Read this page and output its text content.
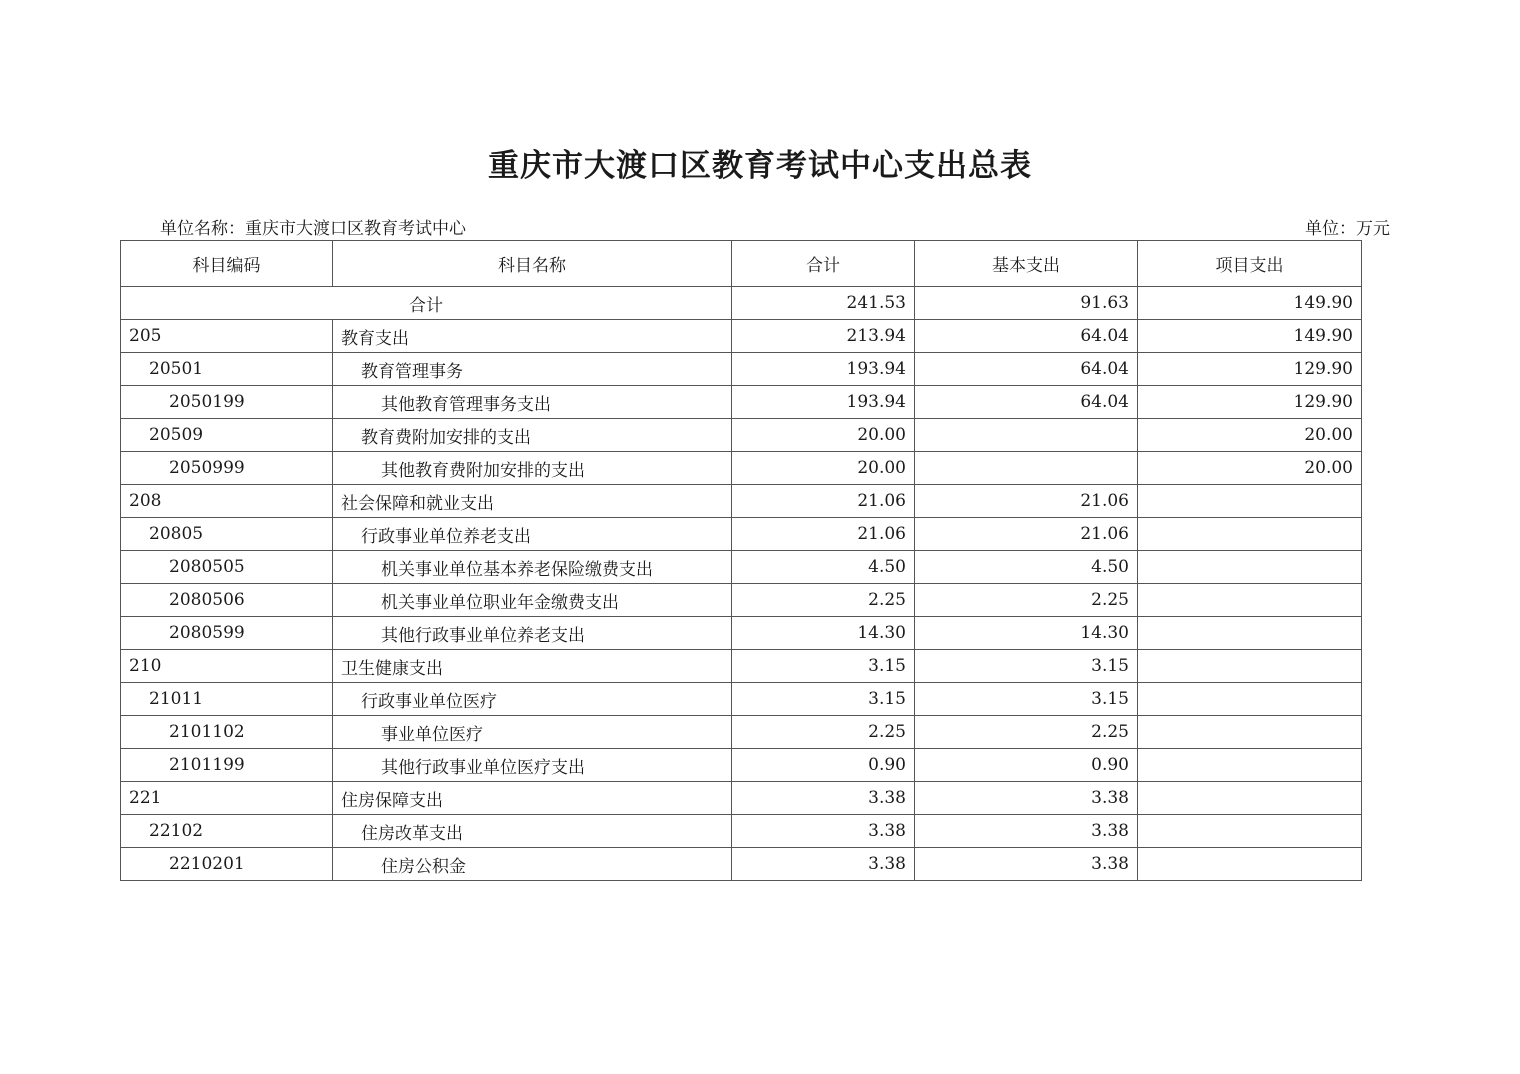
重庆市大渡口区教育考试中心支出总表
单位名称：重庆市大渡口区教育考试中心	单位：万元
科目编码	科目名称	合计	基本支出	项目支出
合计		241.53	91.63	149.90
205	教育支出	213.94	64.04	149.90
20501	教育管理事务	193.94	64.04	129.90
2050199	其他教育管理事务支出	193.94	64.04	129.90
20509	教育费附加安排的支出	20.00		20.00
2050999	其他教育费附加安排的支出	20.00		20.00
208	社会保障和就业支出	21.06	21.06	
20805	行政事业单位养老支出	21.06	21.06	
2080505	机关事业单位基本养老保险缴费支出	4.50	4.50	
2080506	机关事业单位职业年金缴费支出	2.25	2.25	
2080599	其他行政事业单位养老支出	14.30	14.30	
210	卫生健康支出	3.15	3.15	
21011	行政事业单位医疗	3.15	3.15	
2101102	事业单位医疗	2.25	2.25	
2101199	其他行政事业单位医疗支出	0.90	0.90	
221	住房保障支出	3.38	3.38	
22102	住房改革支出	3.38	3.38	
2210201	住房公积金	3.38	3.38	
